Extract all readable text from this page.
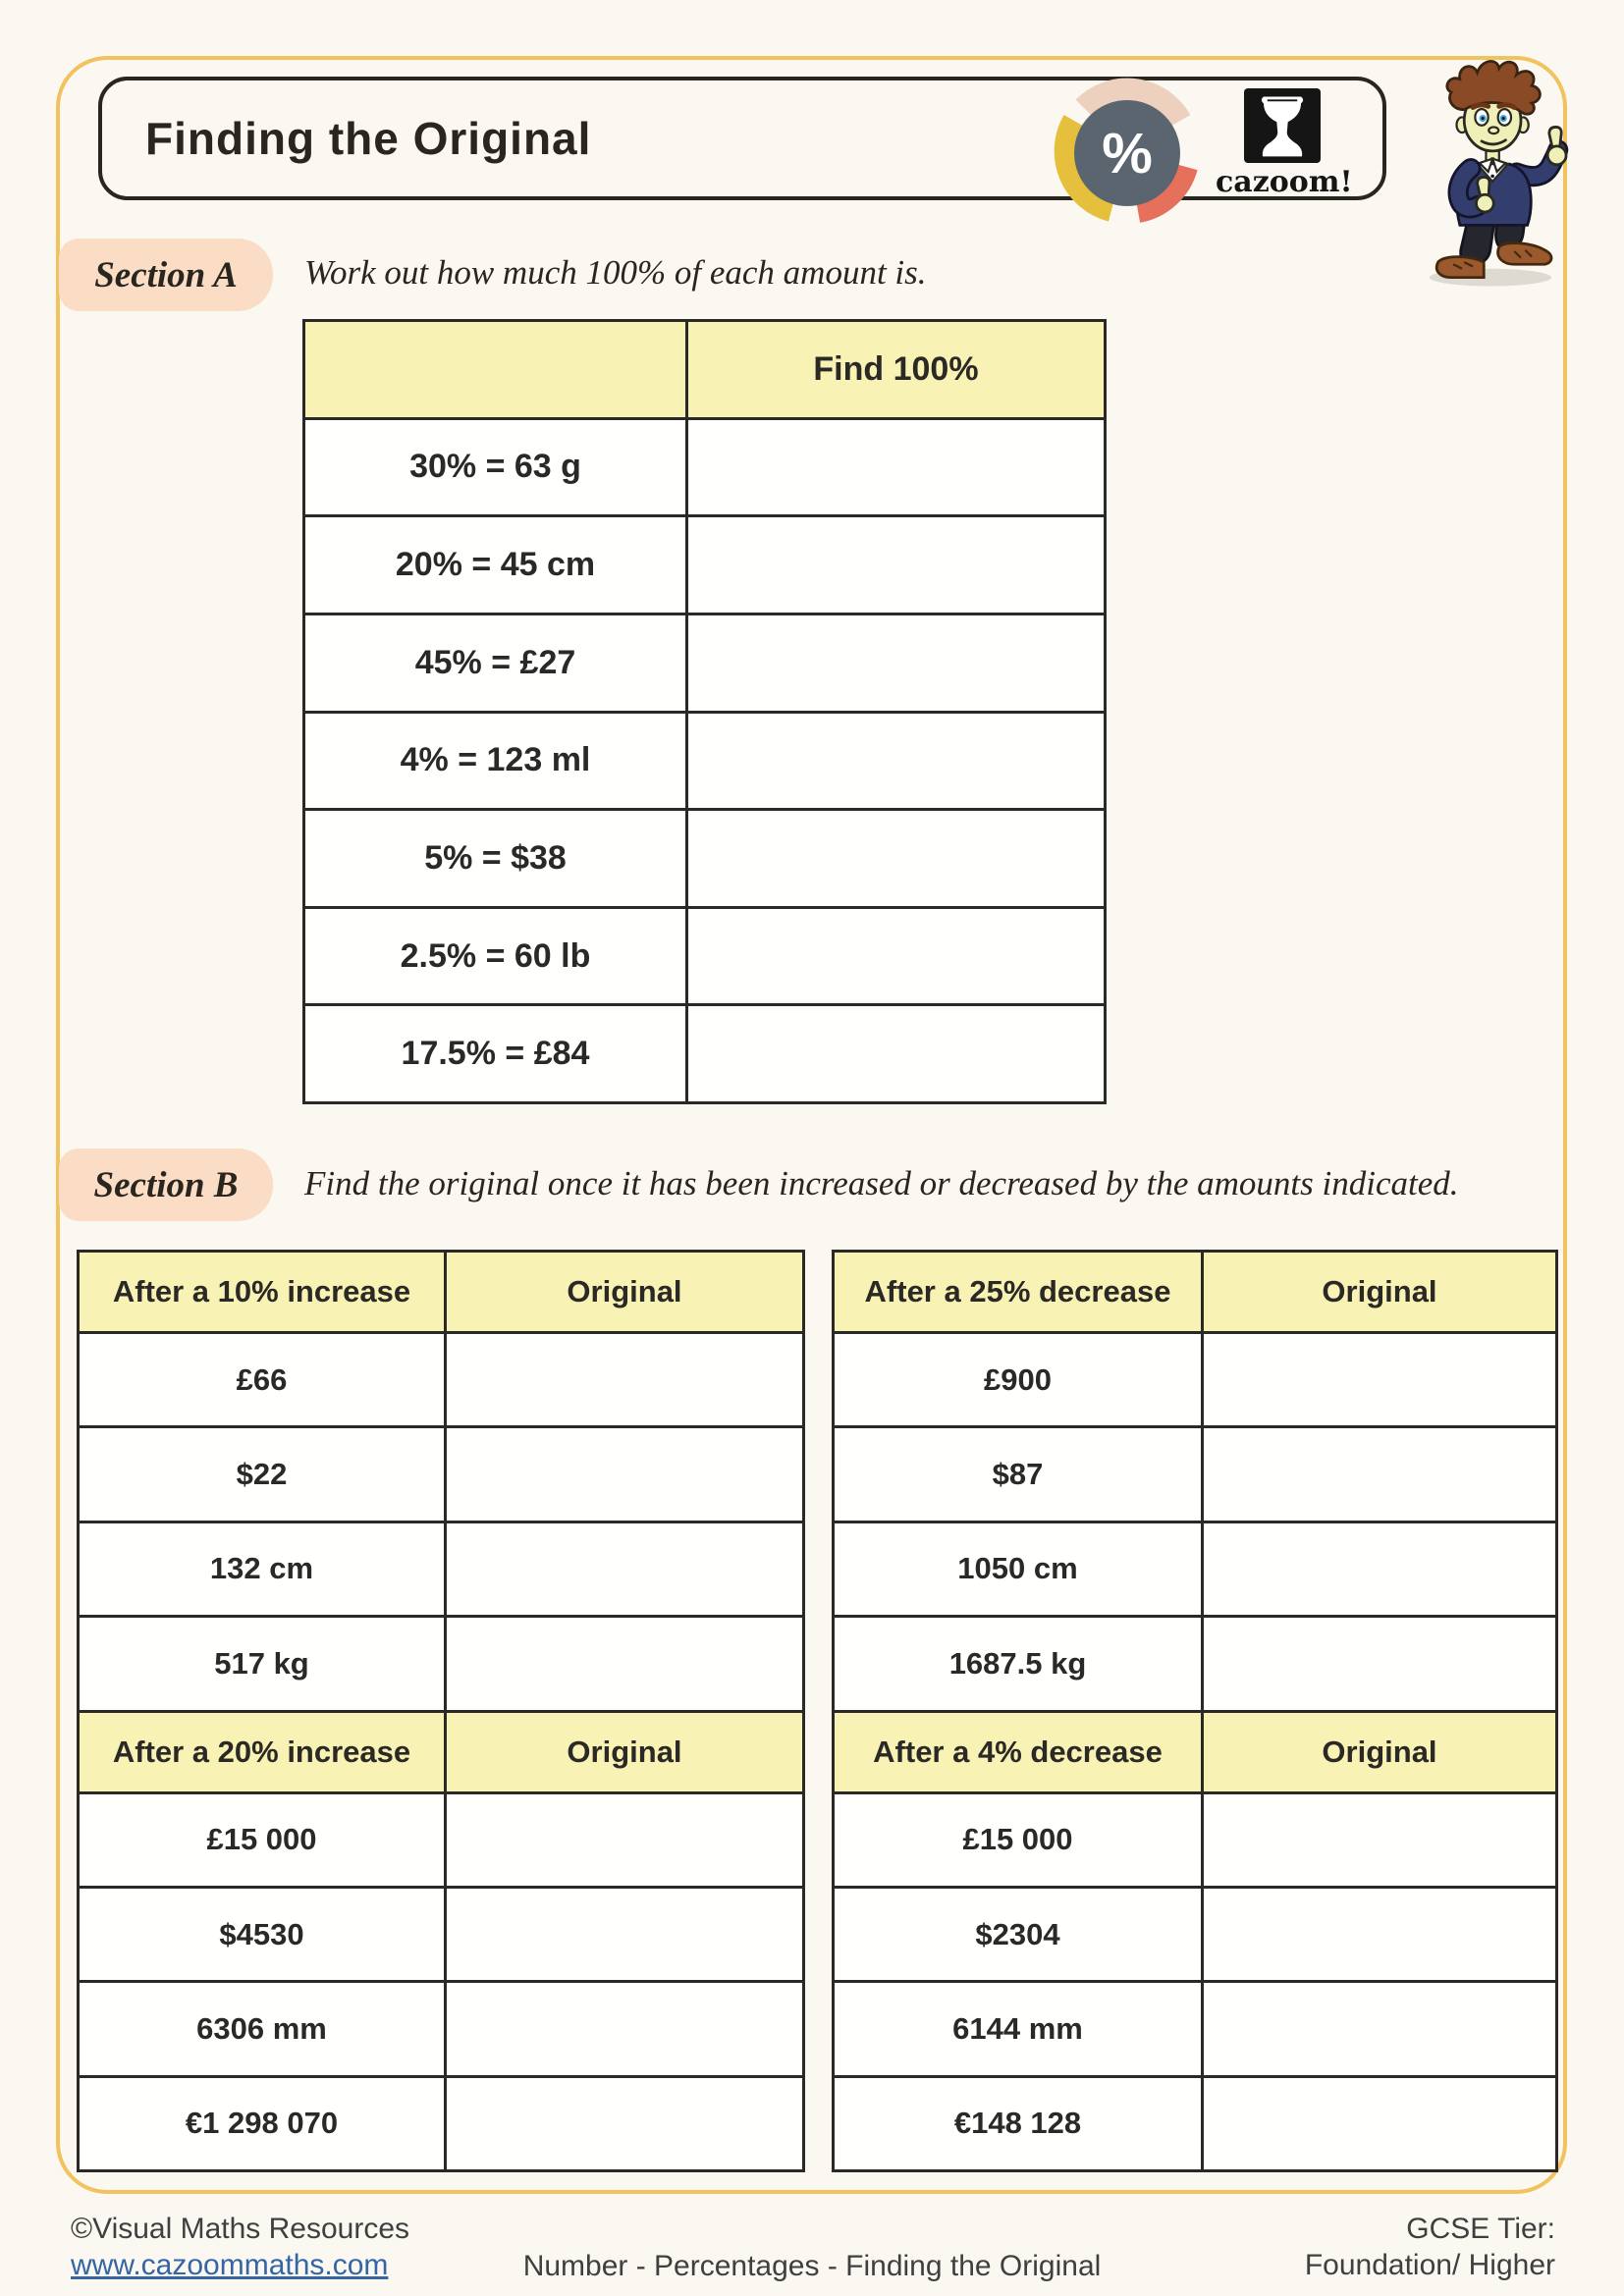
Finding the Original	% cazoom!
Section A Work out how much 100% of each amount is.
Find 100%
30% = 63 g
20% = 45 cm
45% = £27
4% = 123 ml
5% = $38
2.5% = 60 lb
17.5% = £84
Section B Find the original once it has been increased or decreased by the amounts indicated.
After a 10% increase	Original
£66
$22
132 cm
517 kg
After a 20% increase	Original
£15 000
$4530
6306 mm
€1 298 070
After a 25% decrease	Original
£900
$87
1050 cm
1687.5 kg
After a 4% decrease	Original
£15 000
$2304
6144 mm
€148 128
©Visual Maths Resources
www.cazoommaths.com	Number - Percentages - Finding the Original
GCSE Tier:
Foundation/ Higher
